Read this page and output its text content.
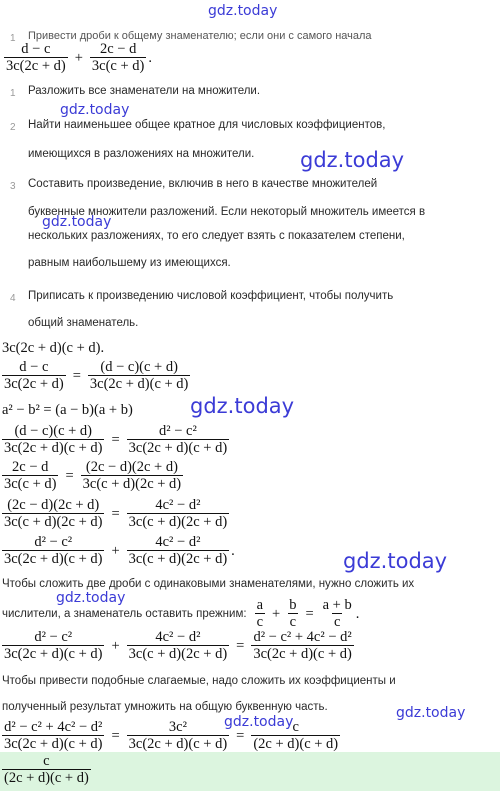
gdz.today
gdz.today
gdz.today
gdz.today
gdz.today
gdz.today
gdz.today
gdz.today
gdz.today
1 Привести дроби к общему знаменателю; если они с самого начала
$\frac{d - c}{3c(2c + d)} + \frac{2c - d}{3c(c + d)}$ .
1 Разложить все знаменатели на множители.
2 Найти наименьшее общее кратное для числовых коэффициентов,
имеющихся в разложениях на множители.
3 Составить произведение, включив в него в качестве множителей
буквенные множители разложений. Если некоторый множитель имеется в
нескольких разложениях, то его следует взять с показателем степени,
равным наибольшему из имеющихся.
4 Приписать к произведению числовой коэффициент, чтобы получить
общий знаменатель.
3c(2c + d)(c + d).
$\frac{d - c}{3c(2c + d)} = \frac{(d - c)(c + d)}{3c(2c + d)(c + d)}$
a² − b² = (a − b)(a + b)
$\frac{(d - c)(c + d)}{3c(2c + d)(c + d)} = \frac{\text{d² − c²}}{3c(2c + d)(c + d)}$
$\frac{2c - d}{3c(c + d)} = \frac{(2c - d)(2c + d)}{3c(c + d)(2c + d)}$
$\frac{(2c - d)(2c + d)}{3c(c + d)(2c + d)} = \frac{\text{4c² − d²}}{3c(c + d)(2c + d)}$
$\frac{\text{d² − c²}}{3c(2c + d)(c + d)} + \frac{\text{4c² − d²}}{3c(c + d)(2c + d)}$ .
Чтобы сложить две дроби с одинаковыми знаменателями, нужно сложить их
числители, а знаменатель оставить прежним: $\frac{a}{c} + \frac{b}{c} = \frac{a + b}{c}$ .
$\frac{\text{d² − c²}}{3c(2c + d)(c + d)} + \frac{\text{4c² − d²}}{3c(c + d)(2c + d)} = \frac{\text{d² − c² + 4c² − d²}}{3c(2c + d)(c + d)}$
Чтобы привести подобные слагаемые, надо сложить их коэффициенты и
полученный результат умножить на общую буквенную часть.
$\frac{\text{d² − c² + 4c² − d²}}{3c(2c + d)(c + d)} = \frac{\text{3c²}}{3c(2c + d)(c + d)} = \frac{c}{(2c + d)(c + d)}$
$\frac{c}{(2c + d)(c + d)}$
